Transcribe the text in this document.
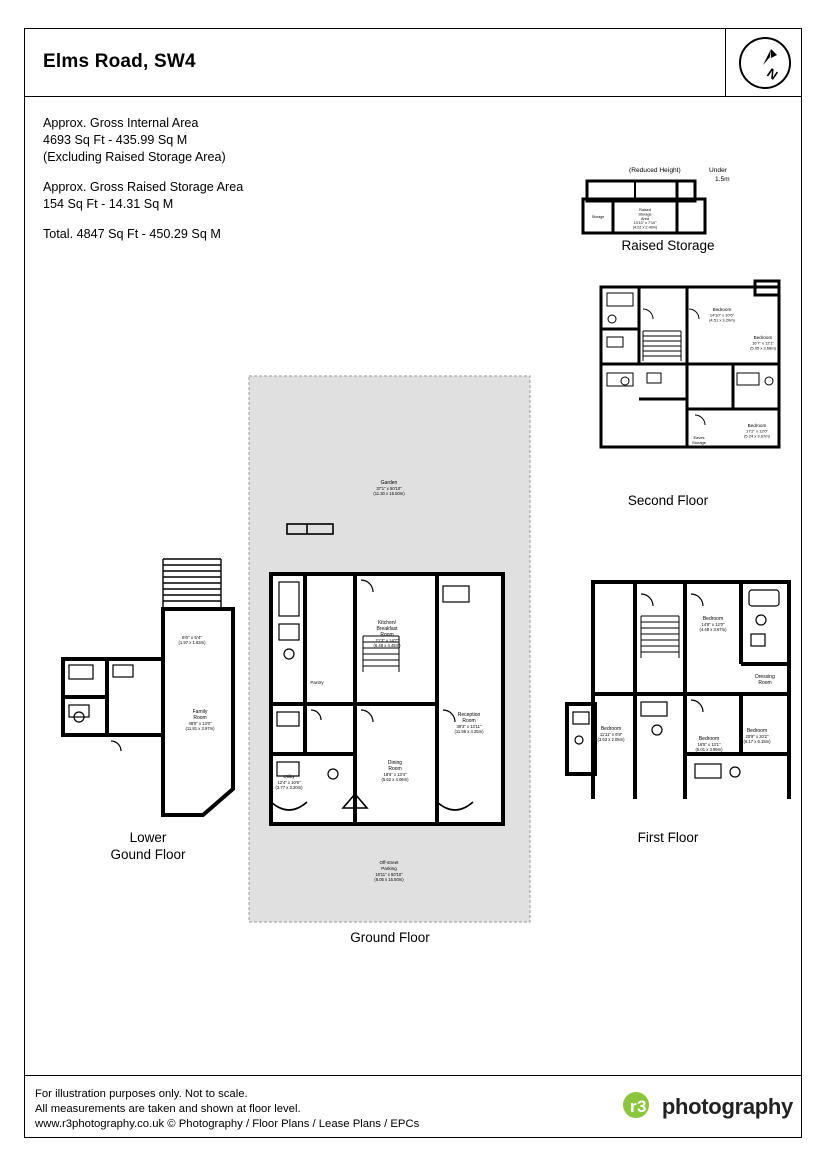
Elms Road, SW4
N
Approx. Gross Internal Area
4693 Sq Ft - 435.99 Sq M
(Excluding Raised Storage Area)
Approx. Gross Raised Storage Area
154 Sq Ft - 14.31 Sq M
Total. 4847 Sq Ft - 450.29 Sq M
Storage
Raised
Storage
Area
13'10" x 7'10"
(4.22 x 2.40m)
(Reduced Height)	Under
1.5m
Raised Storage
Bedroom
14'10" x 10'6"
(4.51 x 3.20m)
Bedroom
16'7" x 12'1"
(5.05 x 3.68m)
Bedroom
17'2" x 12'0"
(5.24 x 3.67m)
Eaves
Storage
Second Floor
Bedroom
14'8" x 12'0"
(4.48 x 3.67m)
Dressing
Room
Bedroom
20'9" x 20'2"
(6.17 x 6.15m)
Bedroom
16'5" x 13'1"
(5.01 x 3.99m)
Bedroom
11'11" x 6'9"
(3.63 x 2.05m)
First Floor
Garden
37'1" x 50'10"
(11.30 x 15.50m)
Kitchen/
Breakfast
Room
21'3" x 14'7"
(6.48 x 4.45m)
Pantry
Reception
Room
39'3" x 13'11"
(11.96 x 4.25m)
Dining
Room
18'6" x 13'4"
(5.62 x 4.06m)
Utility
12'4" x 10'6"
(3.77 x 3.20m)
Off-street
Parking
18'11" x 50'10"
(6.05 x 15.50m)
Ground Floor
6'6" x 5'4"
(1.97 x 1.63m)
Family
Room
48'8" x 13'0"
(11.81 x 3.97m)
Lower
Gound Floor
For illustration purposes only. Not to scale.
All measurements are taken and shown at floor level.
www.r3photography.co.uk © Photography / Floor Plans / Lease Plans / EPCs
r 3 photography
